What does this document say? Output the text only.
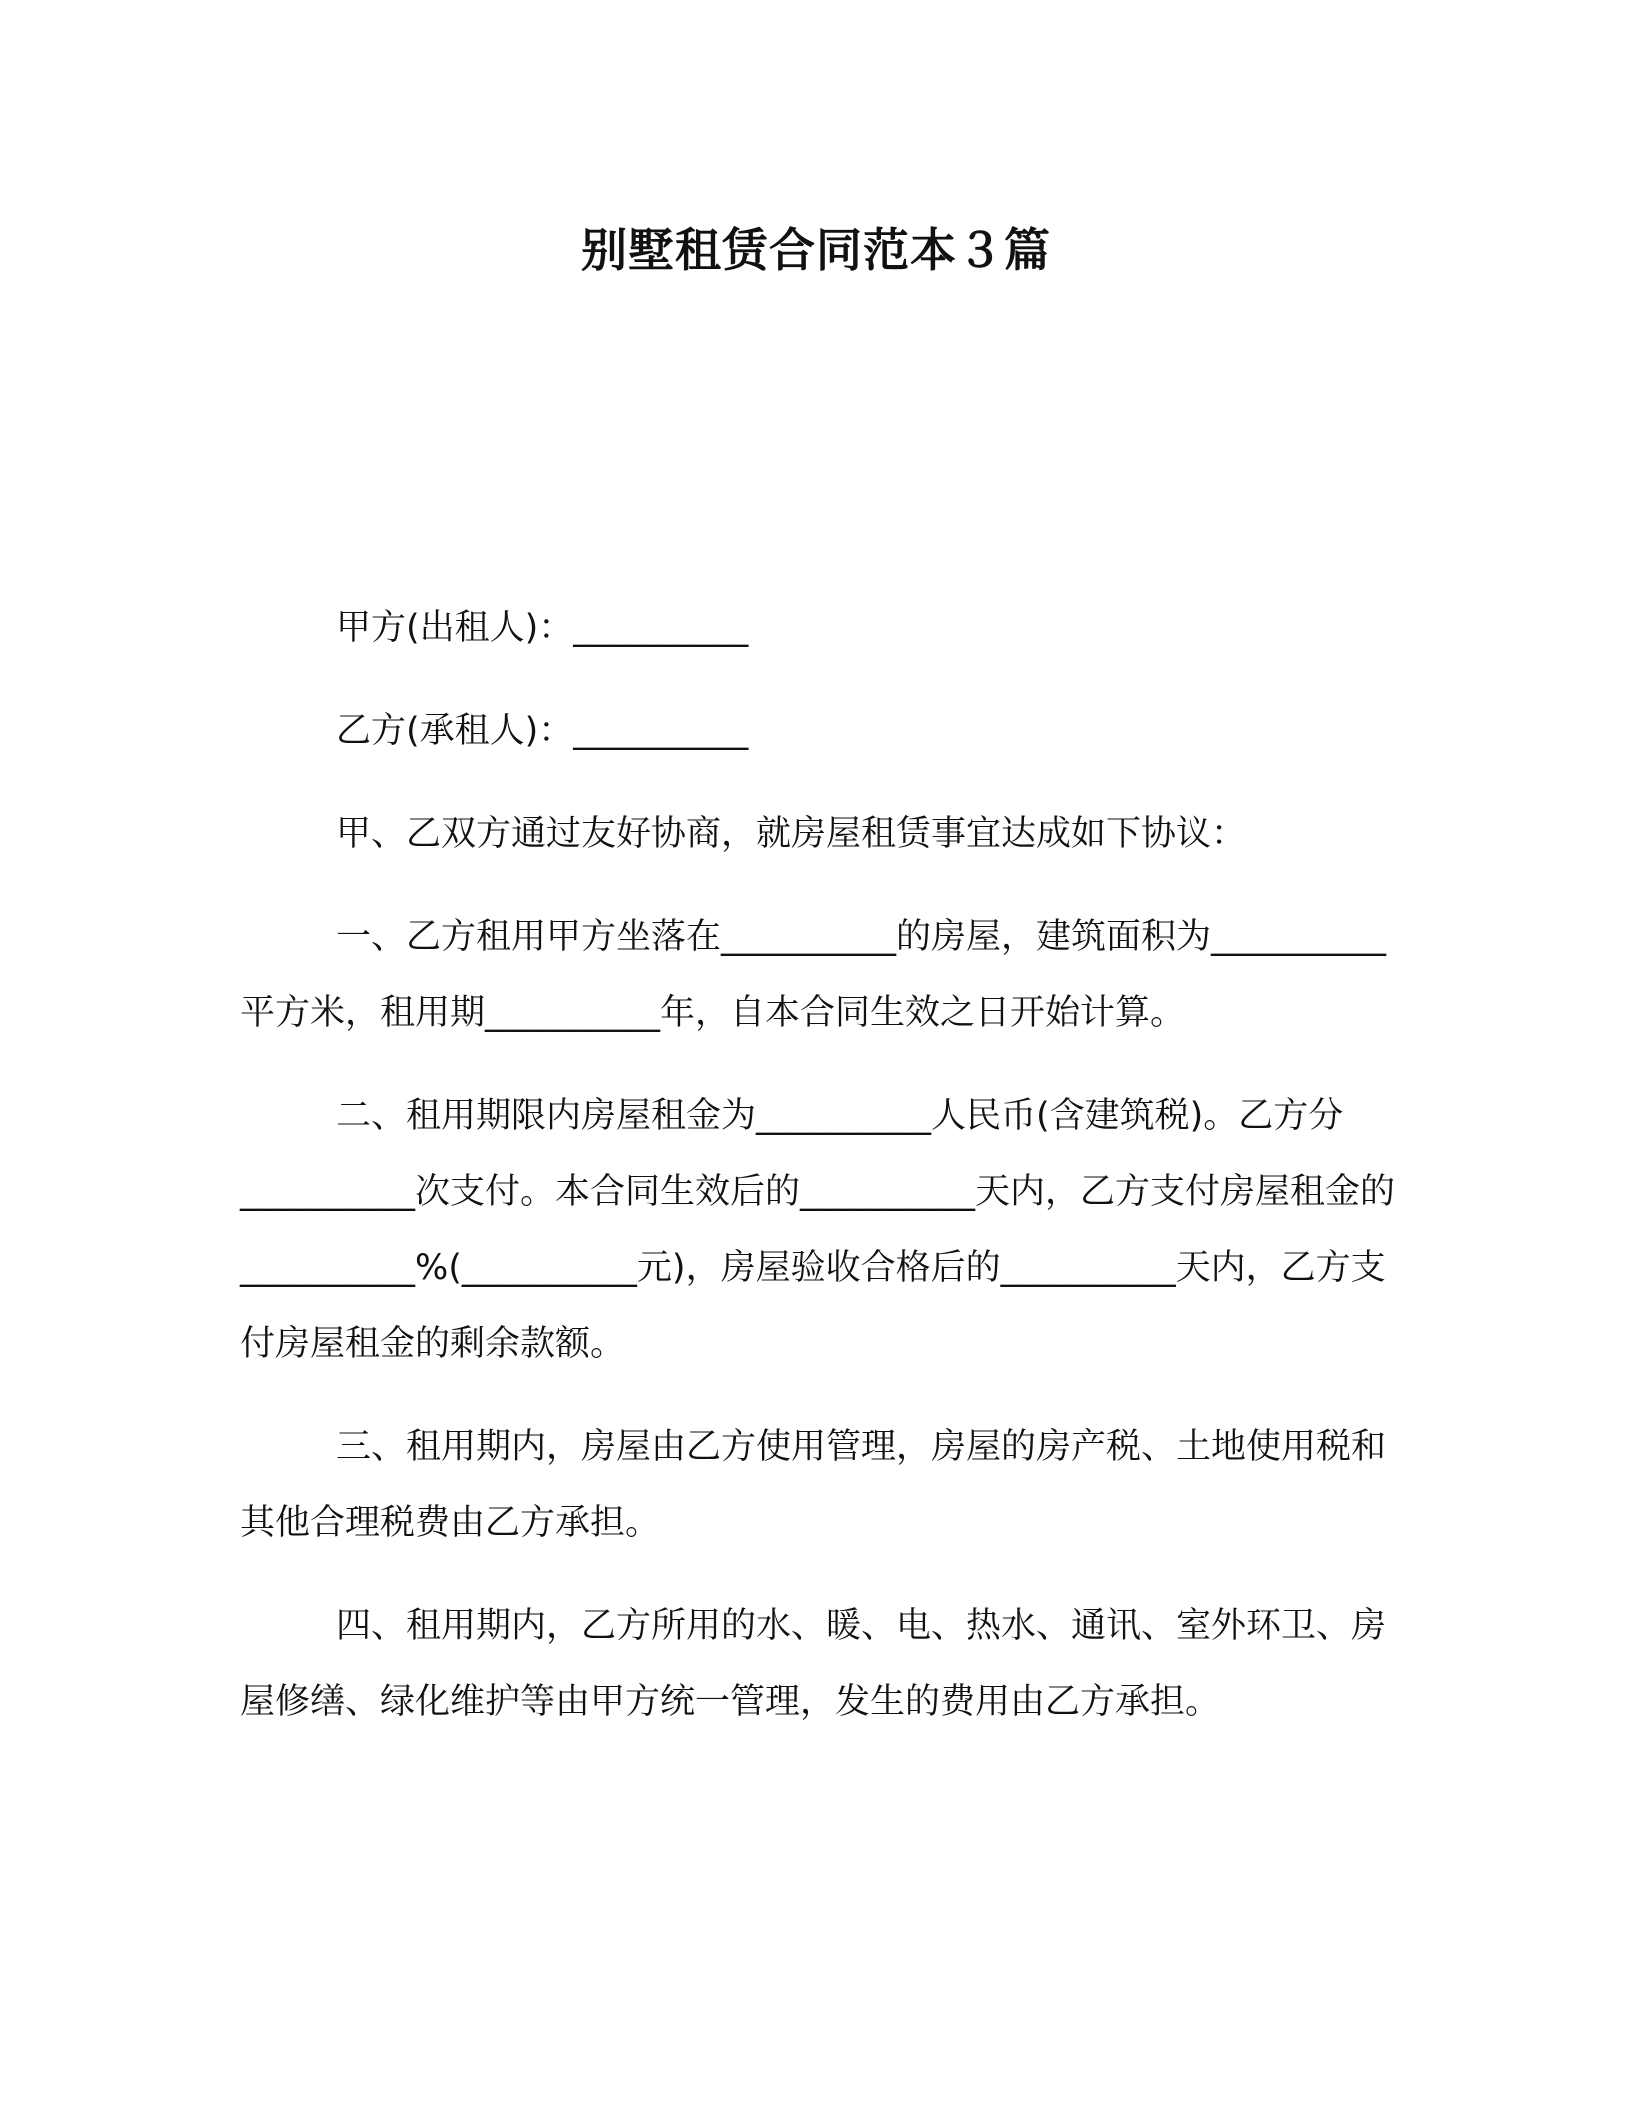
别墅租赁合同范本３篇

甲方(出租人)：__________

乙方(承租人)：__________

甲、乙双方通过友好协商，就房屋租赁事宜达成如下协议：

一、乙方租用甲方坐落在__________的房屋，建筑面积为__________平方米，租用期__________年，自本合同生效之日开始计算。

二、租用期限内房屋租金为__________人民币(含建筑税)。乙方分__________次支付。本合同生效后的__________天内，乙方支付房屋租金的__________%(__________元)，房屋验收合格后的__________天内，乙方支付房屋租金的剩余款额。

三、租用期内，房屋由乙方使用管理，房屋的房产税、土地使用税和其他合理税费由乙方承担。

四、租用期内，乙方所用的水、暖、电、热水、通讯、室外环卫、房屋修缮、绿化维护等由甲方统一管理，发生的费用由乙方承担。
